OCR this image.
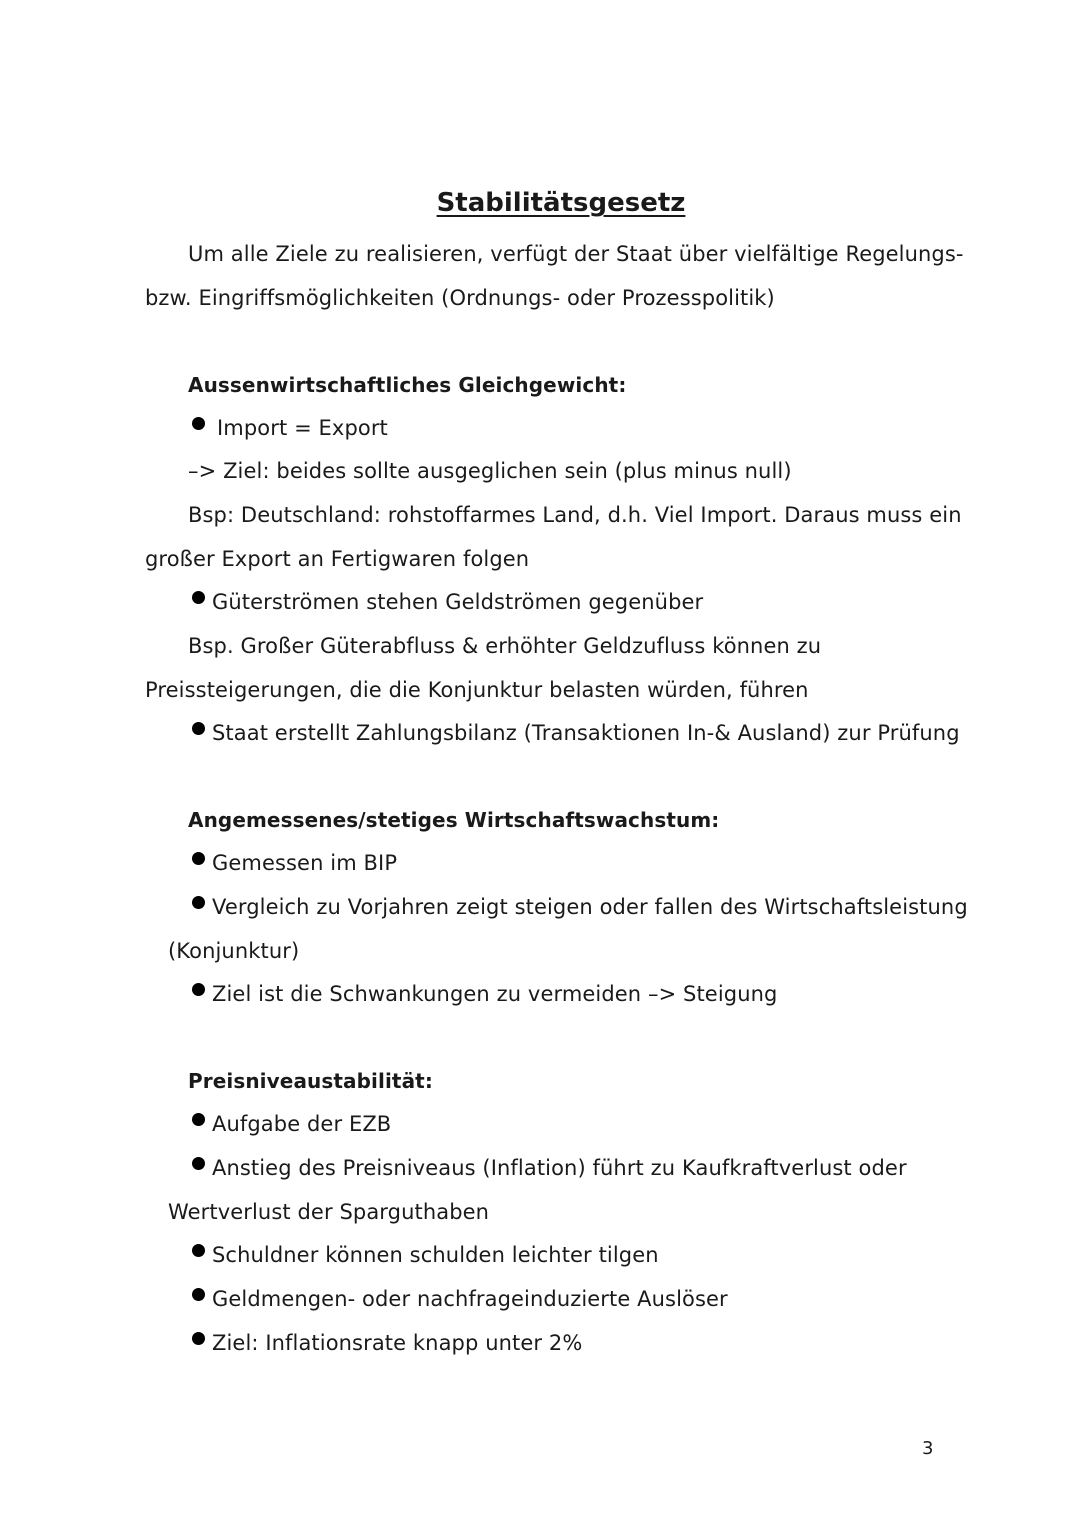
Stabilitätsgesetz
Um alle Ziele zu realisieren, verfügt der Staat über vielfältige Regelungs-
bzw. Eingriffsmöglichkeiten (Ordnungs- oder Prozesspolitik)
Aussenwirtschaftliches Gleichgewicht:
Import = Export
–> Ziel: beides sollte ausgeglichen sein (plus minus null)
Bsp: Deutschland: rohstoffarmes Land, d.h. Viel Import. Daraus muss ein
großer Export an Fertigwaren folgen
Güterströmen stehen Geldströmen gegenüber
Bsp. Großer Güterabfluss & erhöhter Geldzufluss können zu
Preissteigerungen, die die Konjunktur belasten würden, führen
Staat erstellt Zahlungsbilanz (Transaktionen In-& Ausland) zur Prüfung
Angemessenes/stetiges Wirtschaftswachstum:
Gemessen im BIP
Vergleich zu Vorjahren zeigt steigen oder fallen des Wirtschaftsleistung
(Konjunktur)
Ziel ist die Schwankungen zu vermeiden –> Steigung
Preisniveaustabilität:
Aufgabe der EZB
Anstieg des Preisniveaus (Inflation) führt zu Kaufkraftverlust oder
Wertverlust der Sparguthaben
Schuldner können schulden leichter tilgen
Geldmengen- oder nachfrageinduzierte Auslöser
Ziel: Inflationsrate knapp unter 2%
3
